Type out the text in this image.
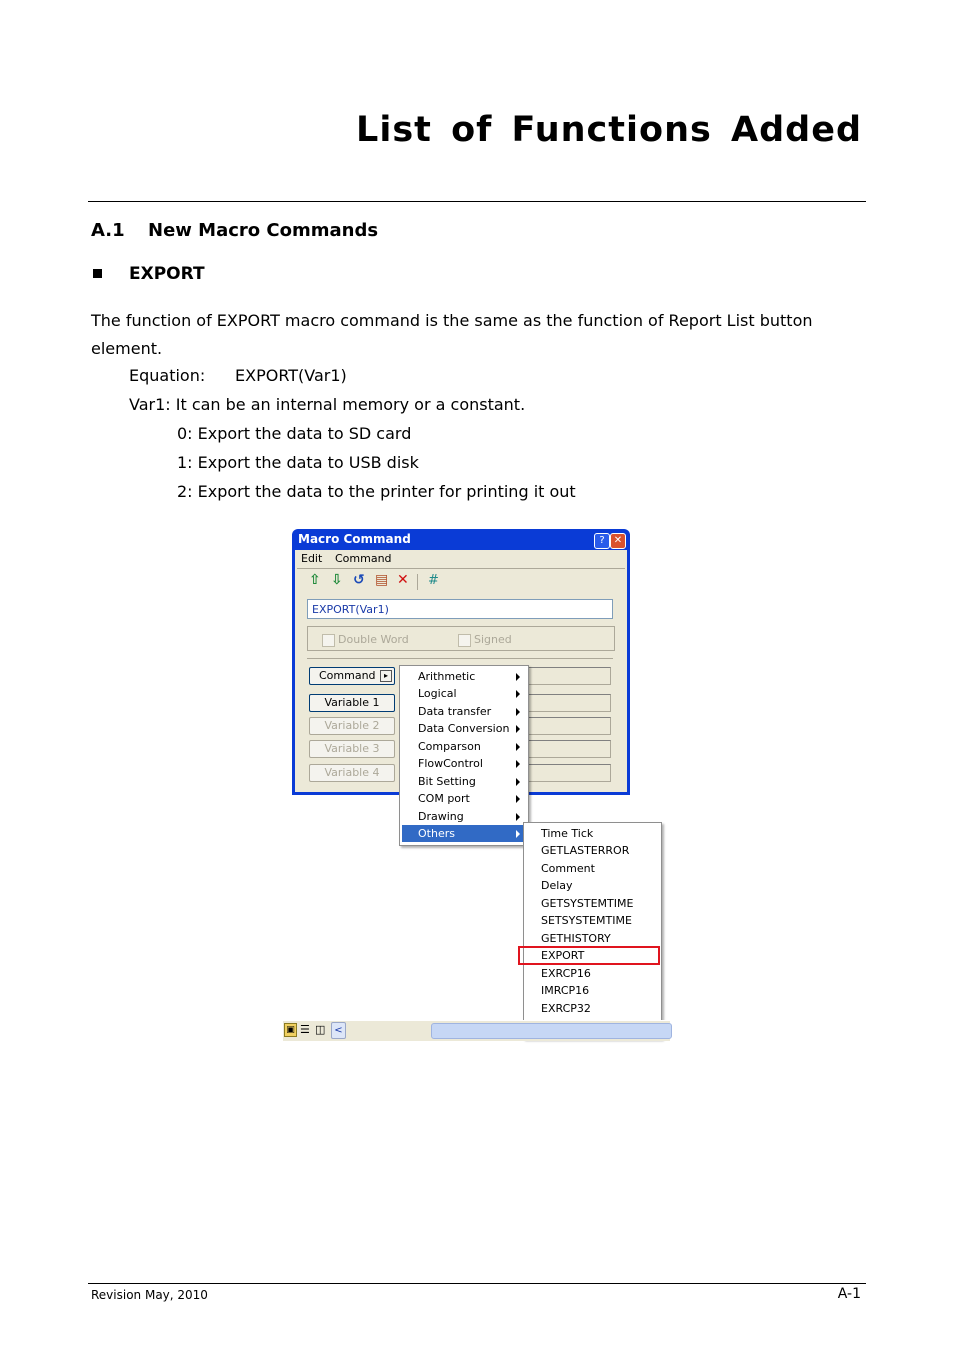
List of Functions Added
A.1 New Macro Commands
EXPORT
The function of EXPORT macro command is the same as the function of Report List button element.
Equation: EXPORT(Var1)
Var1: It can be an internal memory or a constant.
0: Export the data to SD card
1: Export the data to USB disk
2: Export the data to the printer for printing it out
Macro Command	? ✕
Edit Command
⇧ ⇩ ↺ ▤ ✕ #
EXPORT(Var1)
Double Word	Signed
Command	▸
Variable 1
Variable 2
Variable 3
Variable 4
Arithmetic
Logical
Data transfer
Data Conversion
Comparson
FlowControl
Bit Setting
COM port
Drawing
Others	Time Tick
GETLASTERROR
Comment
Delay
GETSYSTEMTIME
SETSYSTEMTIME
GETHISTORY
EXPORT
EXRCP16
IMRCP16
EXRCP32
▣ ☰ ◫ <
Revision May, 2010	A-1
